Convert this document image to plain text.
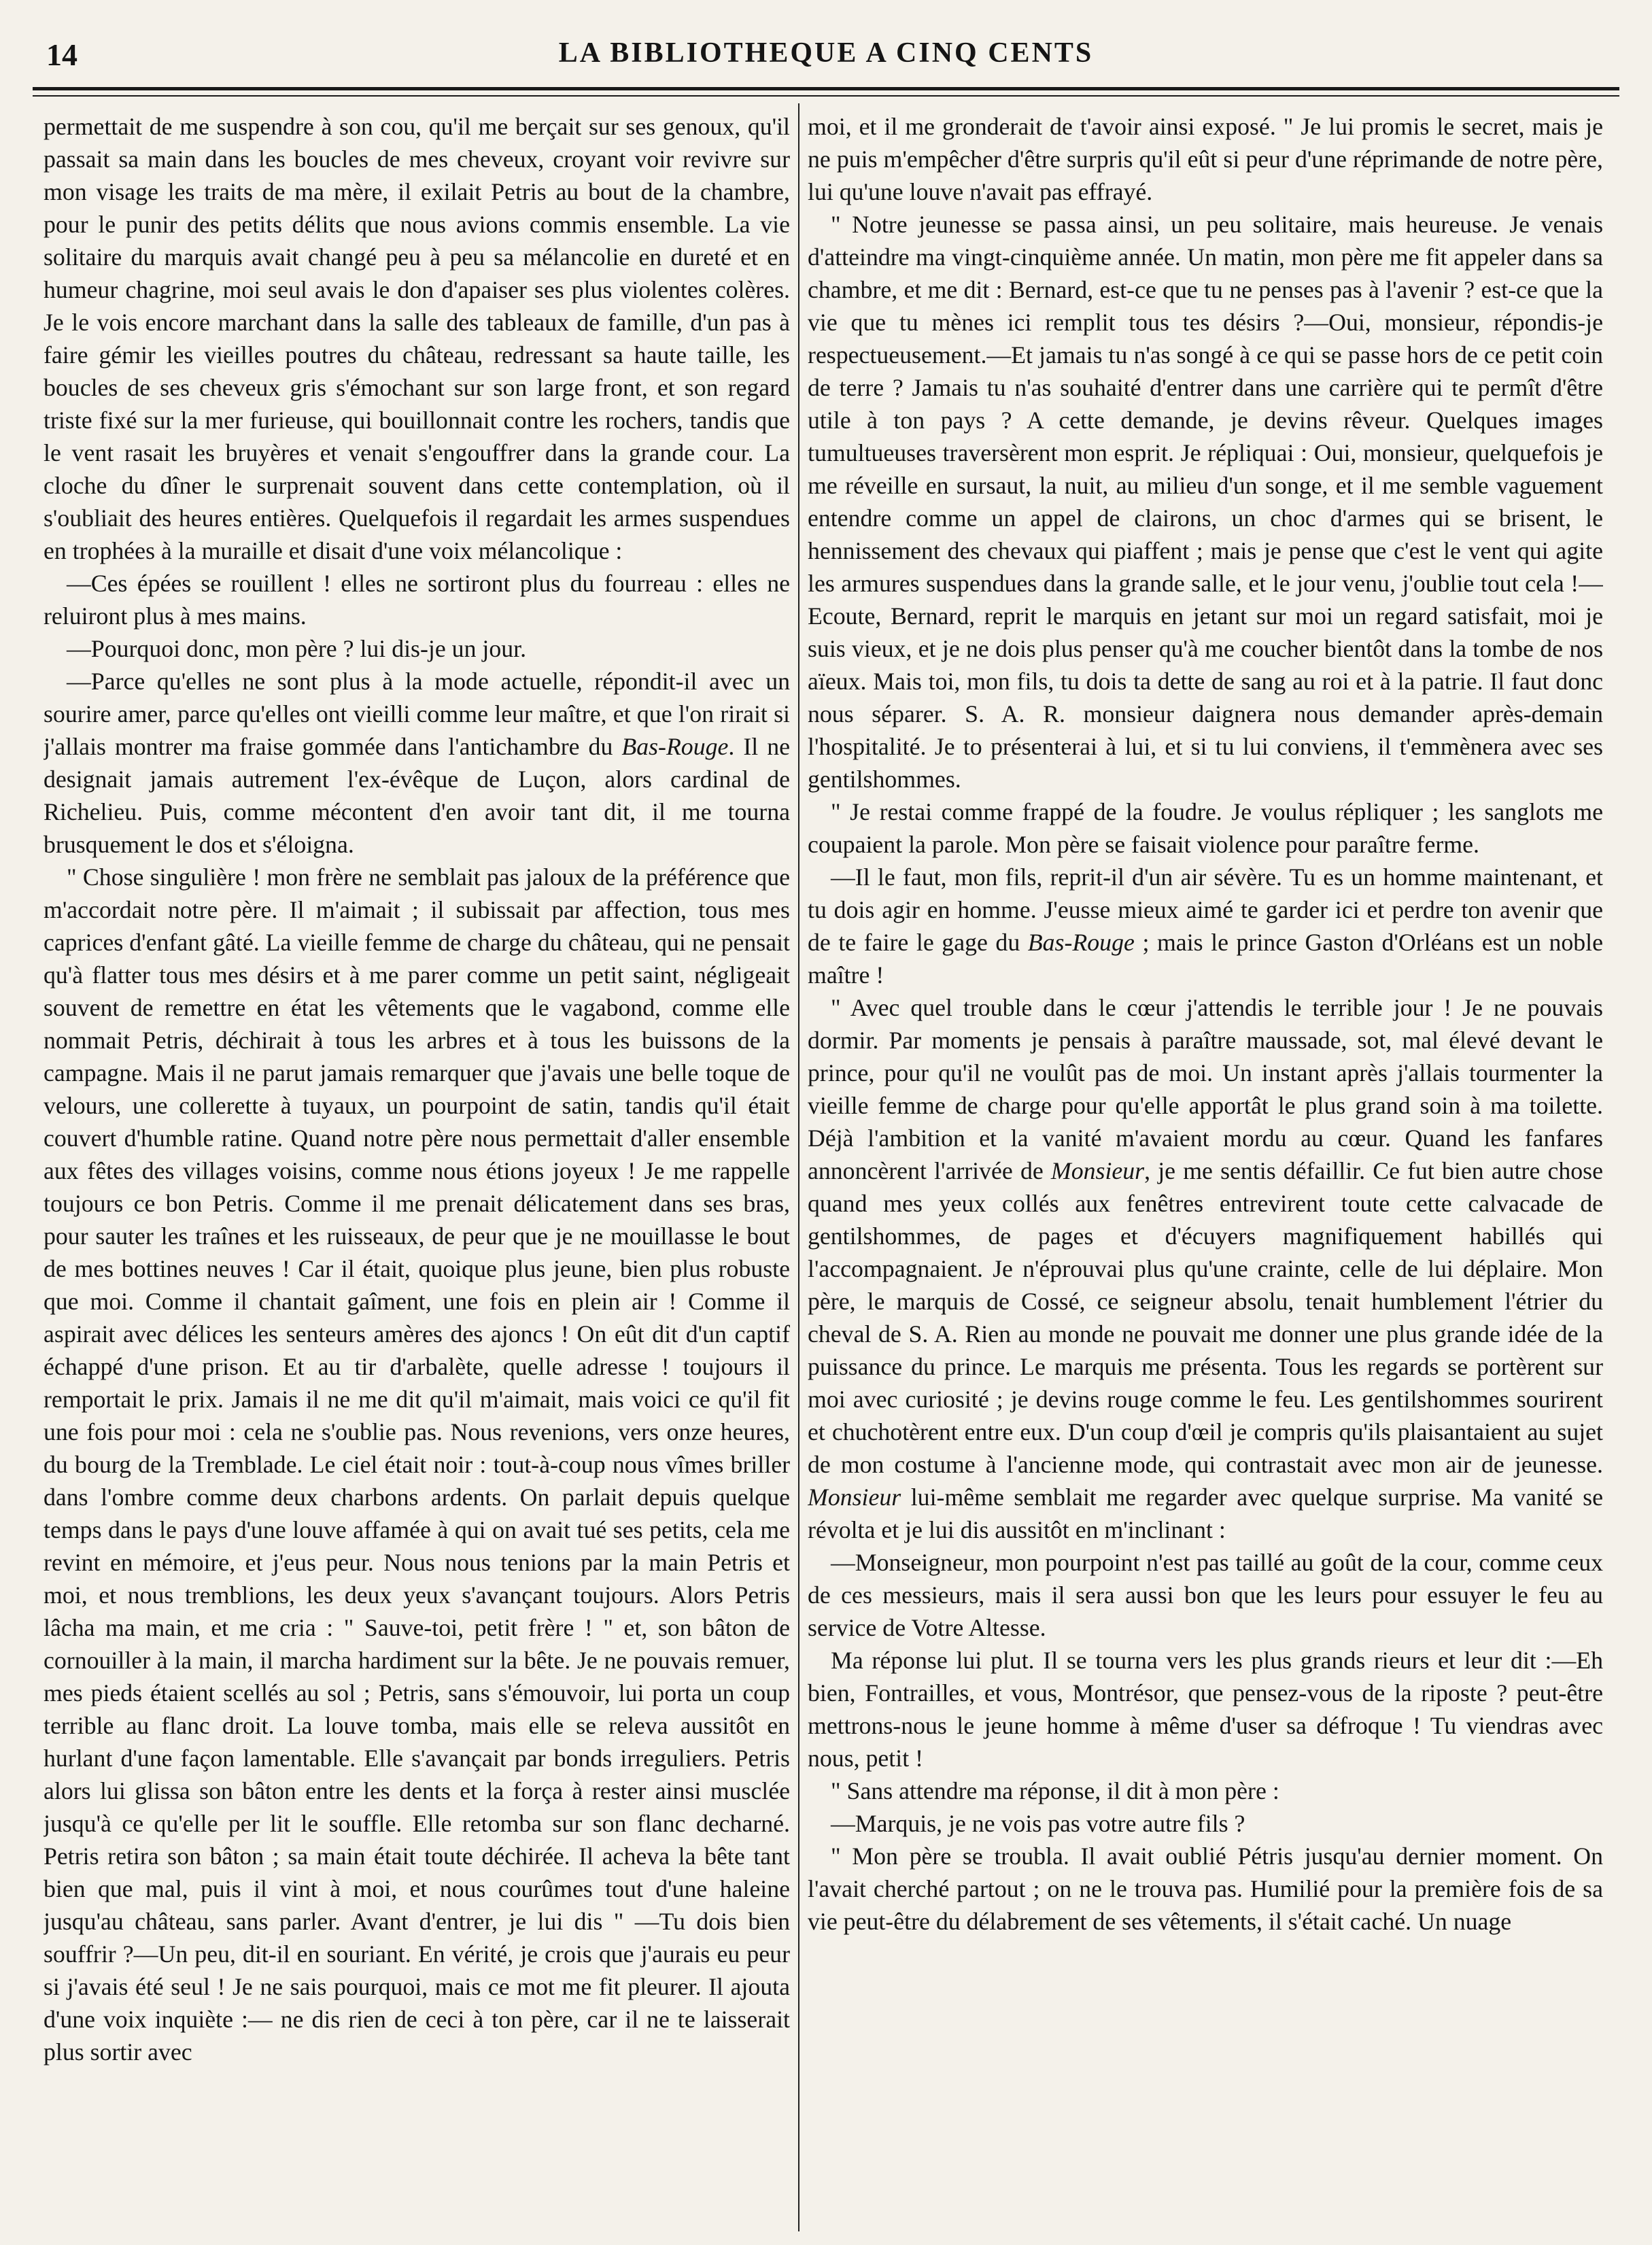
14	LA BIBLIOTHEQUE A CINQ CENTS

permettait de me suspendre à son cou, qu'il me berçait sur ses genoux, qu'il passait sa main dans les boucles de mes cheveux, croyant voir revivre sur mon visage les traits de ma mère, il exilait Petris au bout de la chambre, pour le punir des petits délits que nous avions commis ensemble. La vie solitaire du marquis avait changé peu à peu sa mélancolie en dureté et en humeur chagrine, moi seul avais le don d'apaiser ses plus violentes colères. Je le vois encore marchant dans la salle des tableaux de famille, d'un pas à faire gémir les vieilles poutres du château, redressant sa haute taille, les boucles de ses cheveux gris s'émochant sur son large front, et son regard triste fixé sur la mer furieuse, qui bouillonnait contre les rochers, tandis que le vent rasait les bruyères et venait s'engouffrer dans la grande cour. La cloche du dîner le surprenait souvent dans cette contemplation, où il s'oubliait des heures entières. Quelquefois il regardait les armes suspendues en trophées à la muraille et disait d'une voix mélancolique :

—Ces épées se rouillent ! elles ne sortiront plus du fourreau : elles ne reluiront plus à mes mains.

—Pourquoi donc, mon père ? lui dis-je un jour.

—Parce qu'elles ne sont plus à la mode actuelle, répondit-il avec un sourire amer, parce qu'elles ont vieilli comme leur maître, et que l'on rirait si j'allais montrer ma fraise gommée dans l'antichambre du Bas-Rouge. Il ne designait jamais autrement l'ex-évêque de Luçon, alors cardinal de Richelieu. Puis, comme mécontent d'en avoir tant dit, il me tourna brusquement le dos et s'éloigna.

" Chose singulière ! mon frère ne semblait pas jaloux de la préférence que m'accordait notre père. Il m'aimait ; il subissait par affection, tous mes caprices d'enfant gâté. La vieille femme de charge du château, qui ne pensait qu'à flatter tous mes désirs et à me parer comme un petit saint, négligeait souvent de remettre en état les vêtements que le vagabond, comme elle nommait Petris, déchirait à tous les arbres et à tous les buissons de la campagne. Mais il ne parut jamais remarquer que j'avais une belle toque de velours, une collerette à tuyaux, un pourpoint de satin, tandis qu'il était couvert d'humble ratine. Quand notre père nous permettait d'aller ensemble aux fêtes des villages voisins, comme nous étions joyeux ! Je me rappelle toujours ce bon Petris. Comme il me prenait délicatement dans ses bras, pour sauter les traînes et les ruisseaux, de peur que je ne mouillasse le bout de mes bottines neuves ! Car il était, quoique plus jeune, bien plus robuste que moi. Comme il chantait gaîment, une fois en plein air ! Comme il aspirait avec délices les senteurs amères des ajoncs ! On eût dit d'un captif échappé d'une prison. Et au tir d'arbalète, quelle adresse ! toujours il remportait le prix. Jamais il ne me dit qu'il m'aimait, mais voici ce qu'il fit une fois pour moi : cela ne s'oublie pas. Nous revenions, vers onze heures, du bourg de la Tremblade. Le ciel était noir : tout-à-coup nous vîmes briller dans l'ombre comme deux charbons ardents. On parlait depuis quelque temps dans le pays d'une louve affamée à qui on avait tué ses petits, cela me revint en mémoire, et j'eus peur. Nous nous tenions par la main Petris et moi, et nous tremblions, les deux yeux s'avançant toujours. Alors Petris lâcha ma main, et me cria : " Sauve-toi, petit frère ! " et, son bâton de cornouiller à la main, il marcha hardiment sur la bête. Je ne pouvais remuer, mes pieds étaient scellés au sol ; Petris, sans s'émouvoir, lui porta un coup terrible au flanc droit. La louve tomba, mais elle se releva aussitôt en hurlant d'une façon lamentable. Elle s'avançait par bonds irreguliers. Petris alors lui glissa son bâton entre les dents et la força à rester ainsi musclée jusqu'à ce qu'elle per lit le souffle. Elle retomba sur son flanc decharné. Petris retira son bâton ; sa main était toute déchirée. Il acheva la bête tant bien que mal, puis il vint à moi, et nous courûmes tout d'une haleine jusqu'au château, sans parler. Avant d'entrer, je lui dis " —Tu dois bien souffrir ?—Un peu, dit-il en souriant. En vérité, je crois que j'aurais eu peur si j'avais été seul ! Je ne sais pourquoi, mais ce mot me fit pleurer. Il ajouta d'une voix inquiète :— ne dis rien de ceci à ton père, car il ne te laisserait plus sortir avec

moi, et il me gronderait de t'avoir ainsi exposé. " Je lui promis le secret, mais je ne puis m'empêcher d'être surpris qu'il eût si peur d'une réprimande de notre père, lui qu'une louve n'avait pas effrayé.

" Notre jeunesse se passa ainsi, un peu solitaire, mais heureuse. Je venais d'atteindre ma vingt-cinquième année. Un matin, mon père me fit appeler dans sa chambre, et me dit : Bernard, est-ce que tu ne penses pas à l'avenir ? est-ce que la vie que tu mènes ici remplit tous tes désirs ?—Oui, monsieur, répondis-je respectueusement.—Et jamais tu n'as songé à ce qui se passe hors de ce petit coin de terre ? Jamais tu n'as souhaité d'entrer dans une carrière qui te permît d'être utile à ton pays ? A cette demande, je devins rêveur. Quelques images tumultueuses traversèrent mon esprit. Je répliquai : Oui, monsieur, quelquefois je me réveille en sursaut, la nuit, au milieu d'un songe, et il me semble vaguement entendre comme un appel de clairons, un choc d'armes qui se brisent, le hennissement des chevaux qui piaffent ; mais je pense que c'est le vent qui agite les armures suspendues dans la grande salle, et le jour venu, j'oublie tout cela !—Ecoute, Bernard, reprit le marquis en jetant sur moi un regard satisfait, moi je suis vieux, et je ne dois plus penser qu'à me coucher bientôt dans la tombe de nos aïeux. Mais toi, mon fils, tu dois ta dette de sang au roi et à la patrie. Il faut donc nous séparer. S. A. R. monsieur daignera nous demander après-demain l'hospitalité. Je to présenterai à lui, et si tu lui conviens, il t'emmènera avec ses gentilshommes.

" Je restai comme frappé de la foudre. Je voulus répliquer ; les sanglots me coupaient la parole. Mon père se faisait violence pour paraître ferme.

—Il le faut, mon fils, reprit-il d'un air sévère. Tu es un homme maintenant, et tu dois agir en homme. J'eusse mieux aimé te garder ici et perdre ton avenir que de te faire le gage du Bas-Rouge ; mais le prince Gaston d'Orléans est un noble maître !

" Avec quel trouble dans le cœur j'attendis le terrible jour ! Je ne pouvais dormir. Par moments je pensais à paraître maussade, sot, mal élevé devant le prince, pour qu'il ne voulût pas de moi. Un instant après j'allais tourmenter la vieille femme de charge pour qu'elle apportât le plus grand soin à ma toilette. Déjà l'ambition et la vanité m'avaient mordu au cœur. Quand les fanfares annoncèrent l'arrivée de Monsieur, je me sentis défaillir. Ce fut bien autre chose quand mes yeux collés aux fenêtres entrevirent toute cette calvacade de gentilshommes, de pages et d'écuyers magnifiquement habillés qui l'accompagnaient. Je n'éprouvai plus qu'une crainte, celle de lui déplaire. Mon père, le marquis de Cossé, ce seigneur absolu, tenait humblement l'étrier du cheval de S. A. Rien au monde ne pouvait me donner une plus grande idée de la puissance du prince. Le marquis me présenta. Tous les regards se portèrent sur moi avec curiosité ; je devins rouge comme le feu. Les gentilshommes sourirent et chuchotèrent entre eux. D'un coup d'œil je compris qu'ils plaisantaient au sujet de mon costume à l'ancienne mode, qui contrastait avec mon air de jeunesse. Monsieur lui-même semblait me regarder avec quelque surprise. Ma vanité se révolta et je lui dis aussitôt en m'inclinant :

—Monseigneur, mon pourpoint n'est pas taillé au goût de la cour, comme ceux de ces messieurs, mais il sera aussi bon que les leurs pour essuyer le feu au service de Votre Altesse.

Ma réponse lui plut. Il se tourna vers les plus grands rieurs et leur dit :—Eh bien, Fontrailles, et vous, Montrésor, que pensez-vous de la riposte ? peut-être mettrons-nous le jeune homme à même d'user sa défroque ! Tu viendras avec nous, petit !

" Sans attendre ma réponse, il dit à mon père :

—Marquis, je ne vois pas votre autre fils ?

" Mon père se troubla. Il avait oublié Pétris jusqu'au dernier moment. On l'avait cherché partout ; on ne le trouva pas. Humilié pour la première fois de sa vie peut-être du délabrement de ses vêtements, il s'était caché. Un nuage
